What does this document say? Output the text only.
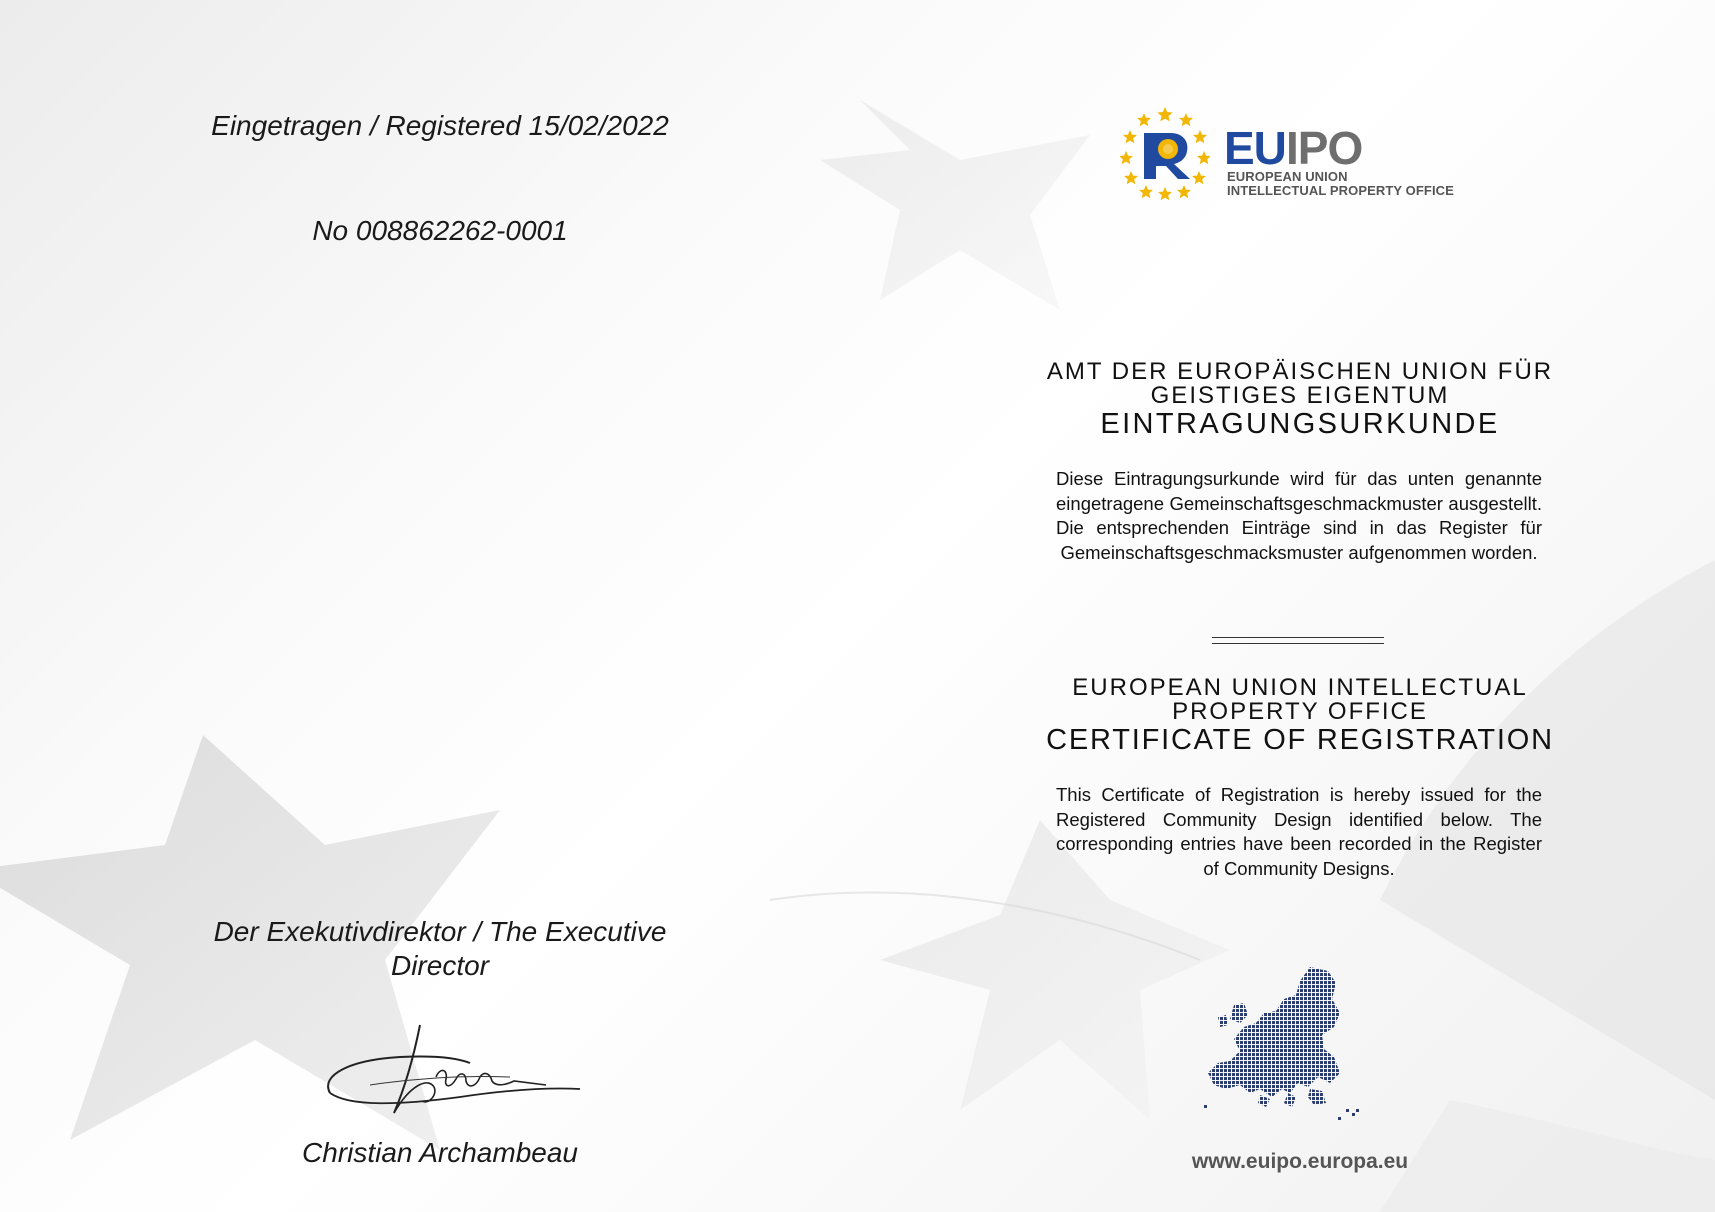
Eingetragen / Registered 15/02/2022
No 008862262-0001
Der Exekutivdirektor / The Executive Director
Christian Archambeau
EU IPO
EUROPEAN UNION
INTELLECTUAL PROPERTY OFFICE
AMT DER EUROPÄISCHEN UNION FÜR
GEISTIGES EIGENTUM
EINTRAGUNGSURKUNDE
Diese Eintragungsurkunde wird für das unten genannte eingetragene Gemeinschaftsgeschmackmuster ausgestellt. Die entsprechenden Einträge sind in das Register für Gemeinschaftsgeschmacksmuster aufgenommen worden.
EUROPEAN UNION INTELLECTUAL
PROPERTY OFFICE
CERTIFICATE OF REGISTRATION
This Certificate of Registration is hereby issued for the Registered Community Design identified below. The corresponding entries have been recorded in the Register of Community Designs.
www.euipo.europa.eu
